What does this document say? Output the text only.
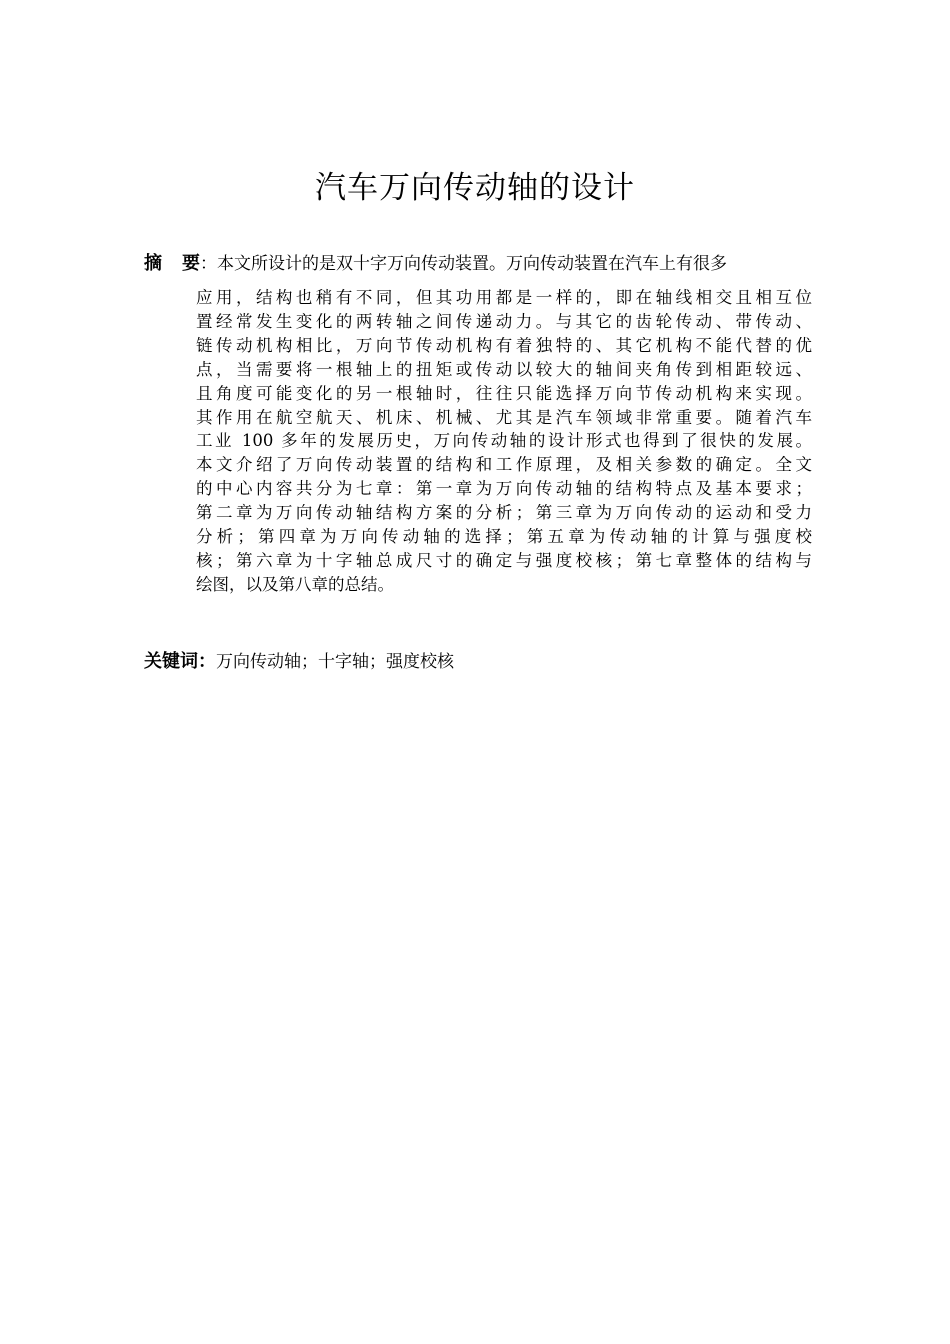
汽车万向传动轴的设计
摘 要：本文所设计的是双十字万向传动装置。万向传动装置在汽车上有很多
应用，结构也稍有不同，但其功用都是一样的，即在轴线相交且相互位
置经常发生变化的两转轴之间传递动力。与其它的齿轮传动、带传动、
链传动机构相比，万向节传动机构有着独特的、其它机构不能代替的优
点，当需要将一根轴上的扭矩或传动以较大的轴间夹角传到相距较远、
且角度可能变化的另一根轴时，往往只能选择万向节传动机构来实现。
其作用在航空航天、机床、机械、尤其是汽车领域非常重要。随着汽车
工业 100 多年的发展历史，万向传动轴的设计形式也得到了很快的发展。
本文介绍了万向传动装置的结构和工作原理，及相关参数的确定。全文
的中心内容共分为七章：第一章为万向传动轴的结构特点及基本要求；
第二章为万向传动轴结构方案的分析；第三章为万向传动的运动和受力
分析；第四章为万向传动轴的选择；第五章为传动轴的计算与强度校
核；第六章为十字轴总成尺寸的确定与强度校核；第七章整体的结构与
绘图，以及第八章的总结。
关键词：万向传动轴；十字轴；强度校核
